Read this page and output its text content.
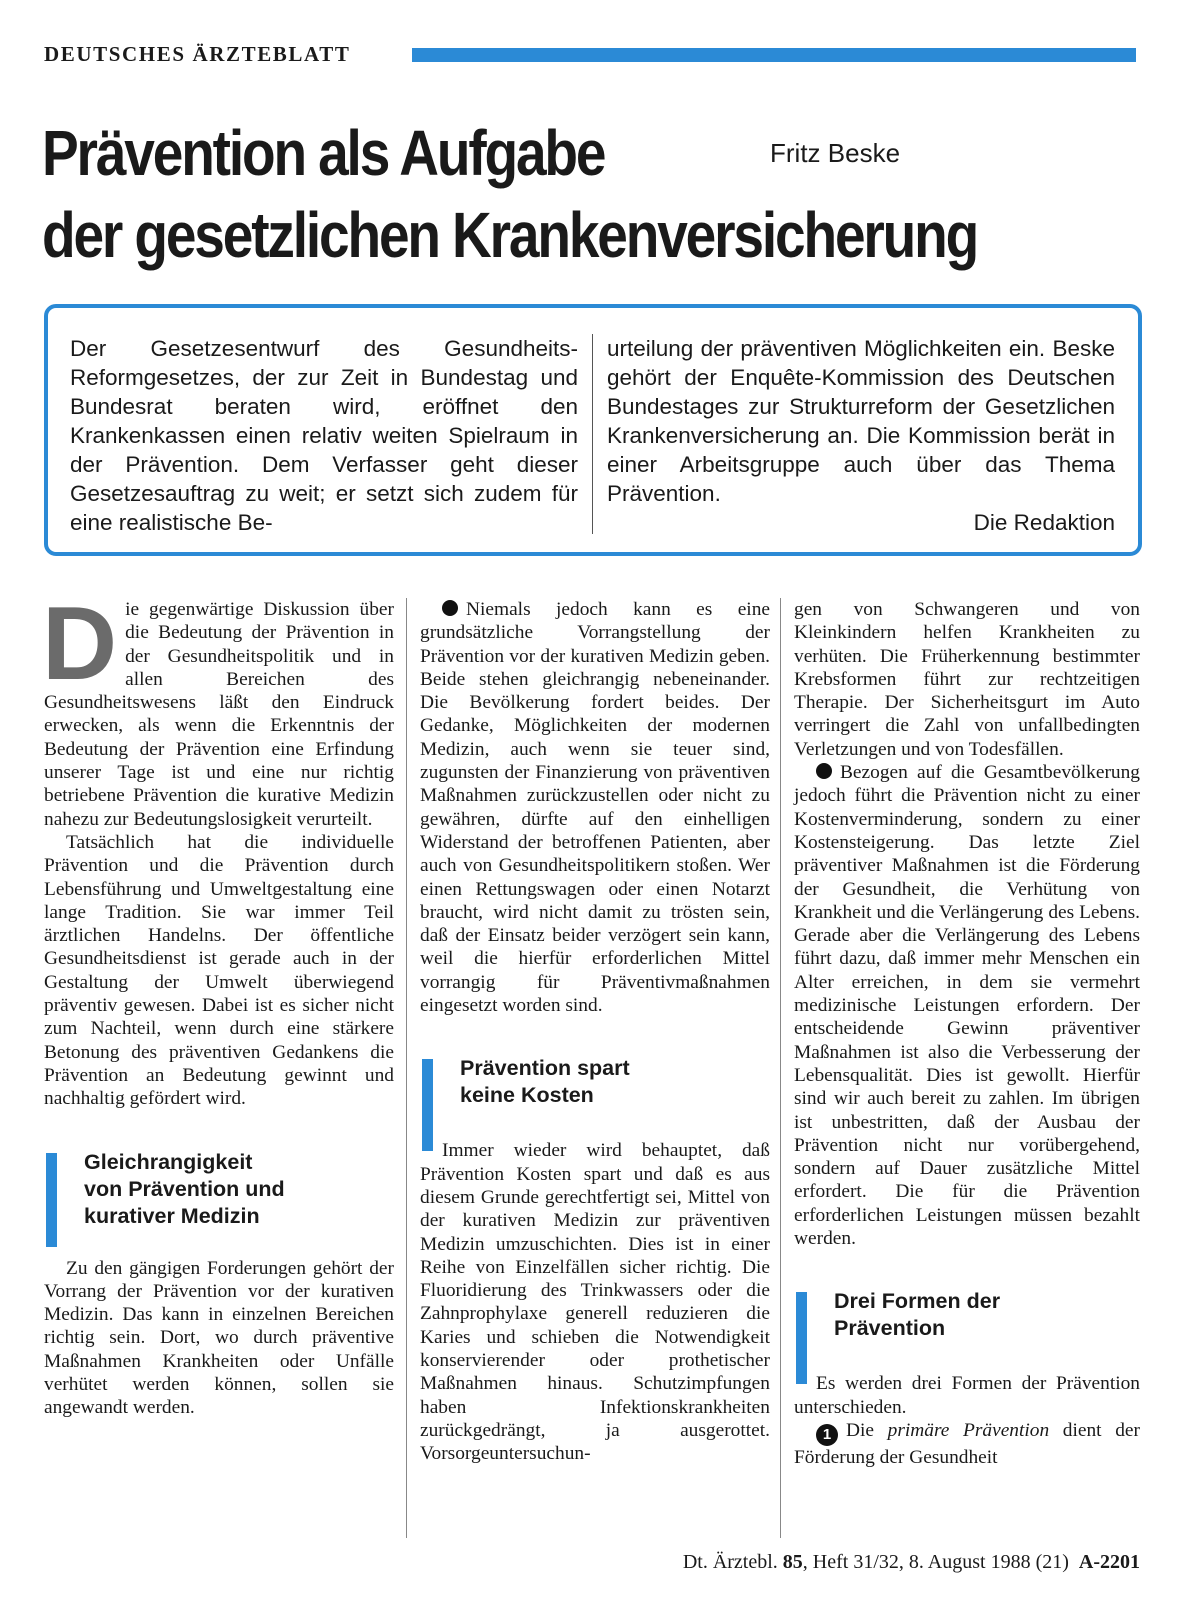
DEUTSCHES ÄRZTEBLATT
Prävention als Aufgabe
der gesetzlichen Krankenversicherung
Fritz Beske
Der Gesetzesentwurf des Gesundheits-Reformgesetzes, der zur Zeit in Bundestag und Bundesrat beraten wird, eröffnet den Krankenkassen einen relativ weiten Spielraum in der Prävention. Dem Verfasser geht dieser Gesetzesauftrag zu weit; er setzt sich zudem für eine realistische Be-
urteilung der präventiven Möglichkeiten ein. Beske gehört der Enquête-Kommission des Deutschen Bundestages zur Strukturreform der Gesetzlichen Krankenversicherung an. Die Kommission berät in einer Arbeitsgruppe auch über das Thema Prävention.
Die Redaktion

Die gegenwärtige Diskussion über die Bedeutung der Prävention in der Gesundheitspolitik und in allen Bereichen des Gesundheitswesens läßt den Eindruck erwecken, als wenn die Erkenntnis der Bedeutung der Prävention eine Erfindung unserer Tage ist und eine nur richtig betriebene Prävention die kurative Medizin nahezu zur Bedeutungslosigkeit verurteilt.

Tatsächlich hat die individuelle Prävention und die Prävention durch Lebensführung und Umweltgestaltung eine lange Tradition. Sie war immer Teil ärztlichen Handelns. Der öffentliche Gesundheitsdienst ist gerade auch in der Gestaltung der Umwelt überwiegend präventiv gewesen. Dabei ist es sicher nicht zum Nachteil, wenn durch eine stärkere Betonung des präventiven Gedankens die Prävention an Bedeutung gewinnt und nachhaltig gefördert wird.

Gleichrangigkeit
von Prävention und
kurativer Medizin

Zu den gängigen Forderungen gehört der Vorrang der Prävention vor der kurativen Medizin. Das kann in einzelnen Bereichen richtig sein. Dort, wo durch präventive Maßnahmen Krankheiten oder Unfälle verhütet werden können, sollen sie angewandt werden.

Niemals jedoch kann es eine grundsätzliche Vorrangstellung der Prävention vor der kurativen Medizin geben. Beide stehen gleichrangig nebeneinander. Die Bevölkerung fordert beides. Der Gedanke, Möglichkeiten der modernen Medizin, auch wenn sie teuer sind, zugunsten der Finanzierung von präventiven Maßnahmen zurückzustellen oder nicht zu gewähren, dürfte auf den einhelligen Widerstand der betroffenen Patienten, aber auch von Gesundheitspolitikern stoßen. Wer einen Rettungswagen oder einen Notarzt braucht, wird nicht damit zu trösten sein, daß der Einsatz beider verzögert sein kann, weil die hierfür erforderlichen Mittel vorrangig für Präventivmaßnahmen eingesetzt worden sind.

Prävention spart
keine Kosten

Immer wieder wird behauptet, daß Prävention Kosten spart und daß es aus diesem Grunde gerechtfertigt sei, Mittel von der kurativen Medizin zur präventiven Medizin umzuschichten. Dies ist in einer Reihe von Einzelfällen sicher richtig. Die Fluoridierung des Trinkwassers oder die Zahnprophylaxe generell reduzieren die Karies und schieben die Notwendigkeit konservierender oder prothetischer Maßnahmen hinaus. Schutzimpfungen haben Infektionskrankheiten zurückgedrängt, ja ausgerottet. Vorsorgeuntersuchun-

gen von Schwangeren und von Kleinkindern helfen Krankheiten zu verhüten. Die Früherkennung bestimmter Krebsformen führt zur rechtzeitigen Therapie. Der Sicherheitsgurt im Auto verringert die Zahl von unfallbedingten Verletzungen und von Todesfällen.

Bezogen auf die Gesamtbevölkerung jedoch führt die Prävention nicht zu einer Kostenverminderung, sondern zu einer Kostensteigerung. Das letzte Ziel präventiver Maßnahmen ist die Förderung der Gesundheit, die Verhütung von Krankheit und die Verlängerung des Lebens. Gerade aber die Verlängerung des Lebens führt dazu, daß immer mehr Menschen ein Alter erreichen, in dem sie vermehrt medizinische Leistungen erfordern. Der entscheidende Gewinn präventiver Maßnahmen ist also die Verbesserung der Lebensqualität. Dies ist gewollt. Hierfür sind wir auch bereit zu zahlen. Im übrigen ist unbestritten, daß der Ausbau der Prävention nicht nur vorübergehend, sondern auf Dauer zusätzliche Mittel erfordert. Die für die Prävention erforderlichen Leistungen müssen bezahlt werden.

Drei Formen der
Prävention

Es werden drei Formen der Prävention unterschieden.

1 Die primäre Prävention dient der Förderung der Gesundheit

Dt. Ärztebl. 85, Heft 31/32, 8. August 1988 (21) A-2201
